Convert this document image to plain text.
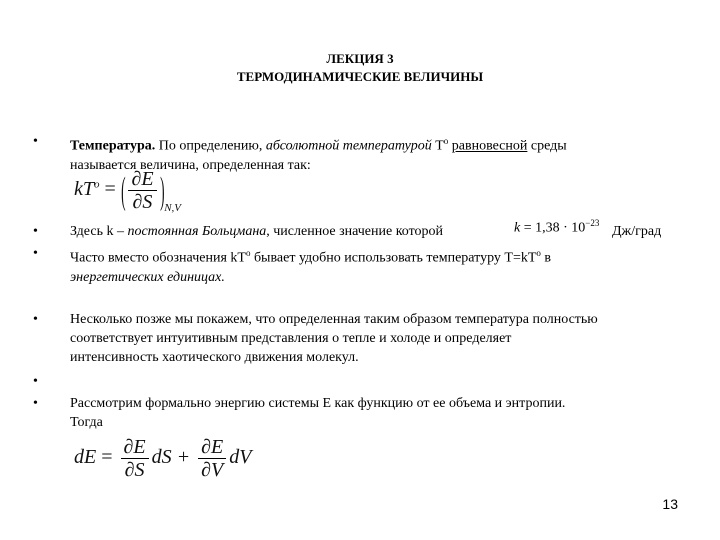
ЛЕКЦИЯ 3
ТЕРМОДИНАМИЧЕСКИЕ ВЕЛИЧИНЫ
• Температура. По определению, абсолютной температурой $T^o$ равновесной среды
называется величина, определенная так:
$kT^o$ = ( $\frac{\partial E}{\partial S} )_{N,V}$
• Здесь k – постоянная Больцмана, численное значение которой	$k = 1,38 \cdot 10^{-23}$
Дж/град
• Часто вместо обозначения $kT^o$ бывает удобно использовать температуру $T=kT^o$ в
энергетических единицах.
• Несколько позже мы покажем, что определенная таким образом температура полностью
соответствует интуитивным представления о тепле и холоде и определяет
интенсивность хаотического движения молекул.
•
• Рассмотрим формально энергию системы E как функцию от ее объема и энтропии.
Тогда
dE = $\frac{\partial E}{\partial S}$ dS + $\frac{\partial E}{\partial V}$ dV
13
